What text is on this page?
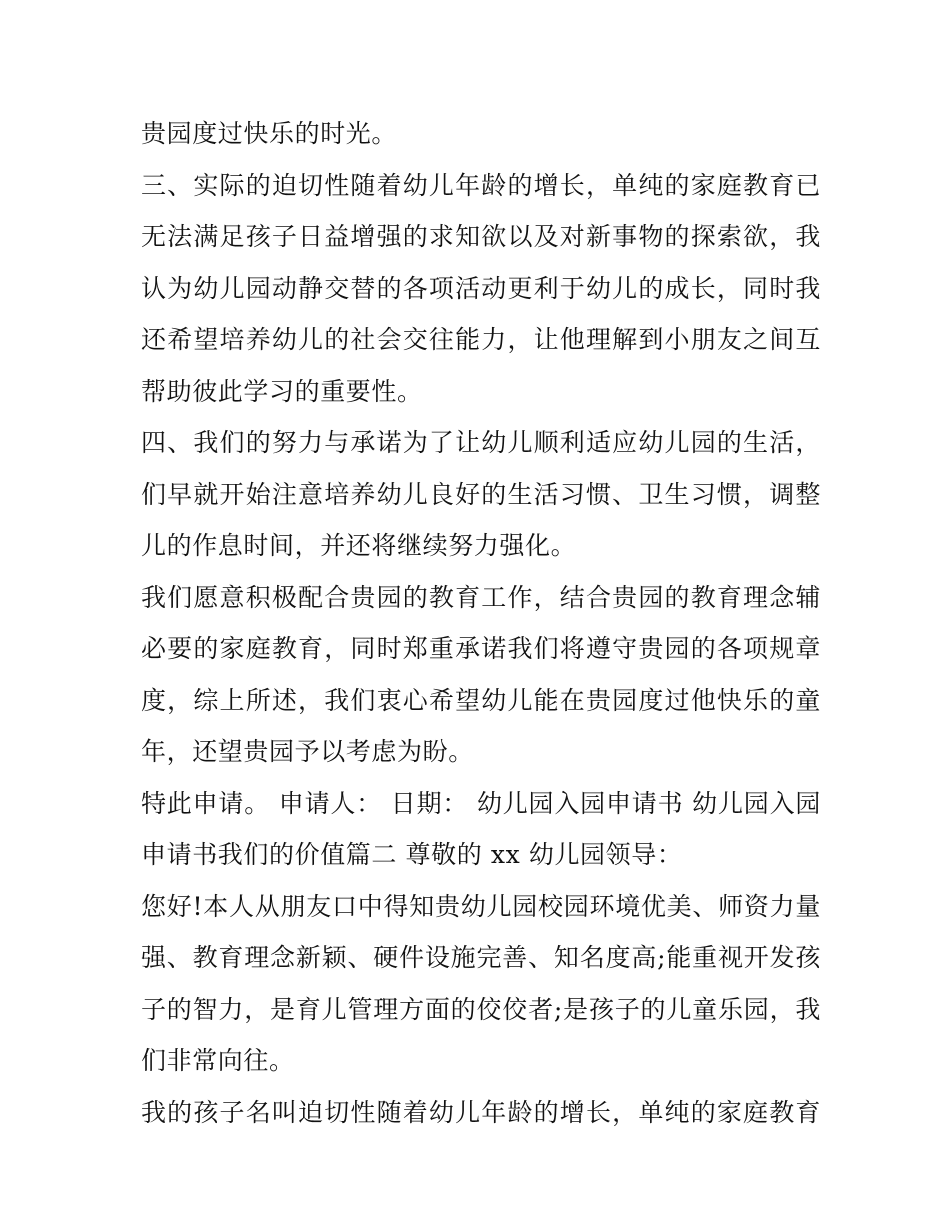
贵园度过快乐的时光。
三、实际的迫切性随着幼儿年龄的增长，单纯的家庭教育已
无法满足孩子日益增强的求知欲以及对新事物的探索欲，我
认为幼儿园动静交替的各项活动更利于幼儿的成长，同时我
还希望培养幼儿的社会交往能力，让他理解到小朋友之间互
帮助彼此学习的重要性。
四、我们的努力与承诺为了让幼儿顺利适应幼儿园的生活，
们早就开始注意培养幼儿良好的生活习惯、卫生习惯，调整
儿的作息时间，并还将继续努力强化。
我们愿意积极配合贵园的教育工作，结合贵园的教育理念辅
必要的家庭教育，同时郑重承诺我们将遵守贵园的各项规章
度，综上所述，我们衷心希望幼儿能在贵园度过他快乐的童
年，还望贵园予以考虑为盼。
特此申请。 申请人： 日期： 幼儿园入园申请书 幼儿园入园
申请书我们的价值篇二 尊敬的 xx 幼儿园领导：
您好!本人从朋友口中得知贵幼儿园校园环境优美、师资力量
强、教育理念新颖、硬件设施完善、知名度高;能重视开发孩
子的智力，是育儿管理方面的佼佼者;是孩子的儿童乐园，我
们非常向往。
我的孩子名叫迫切性随着幼儿年龄的增长，单纯的家庭教育
